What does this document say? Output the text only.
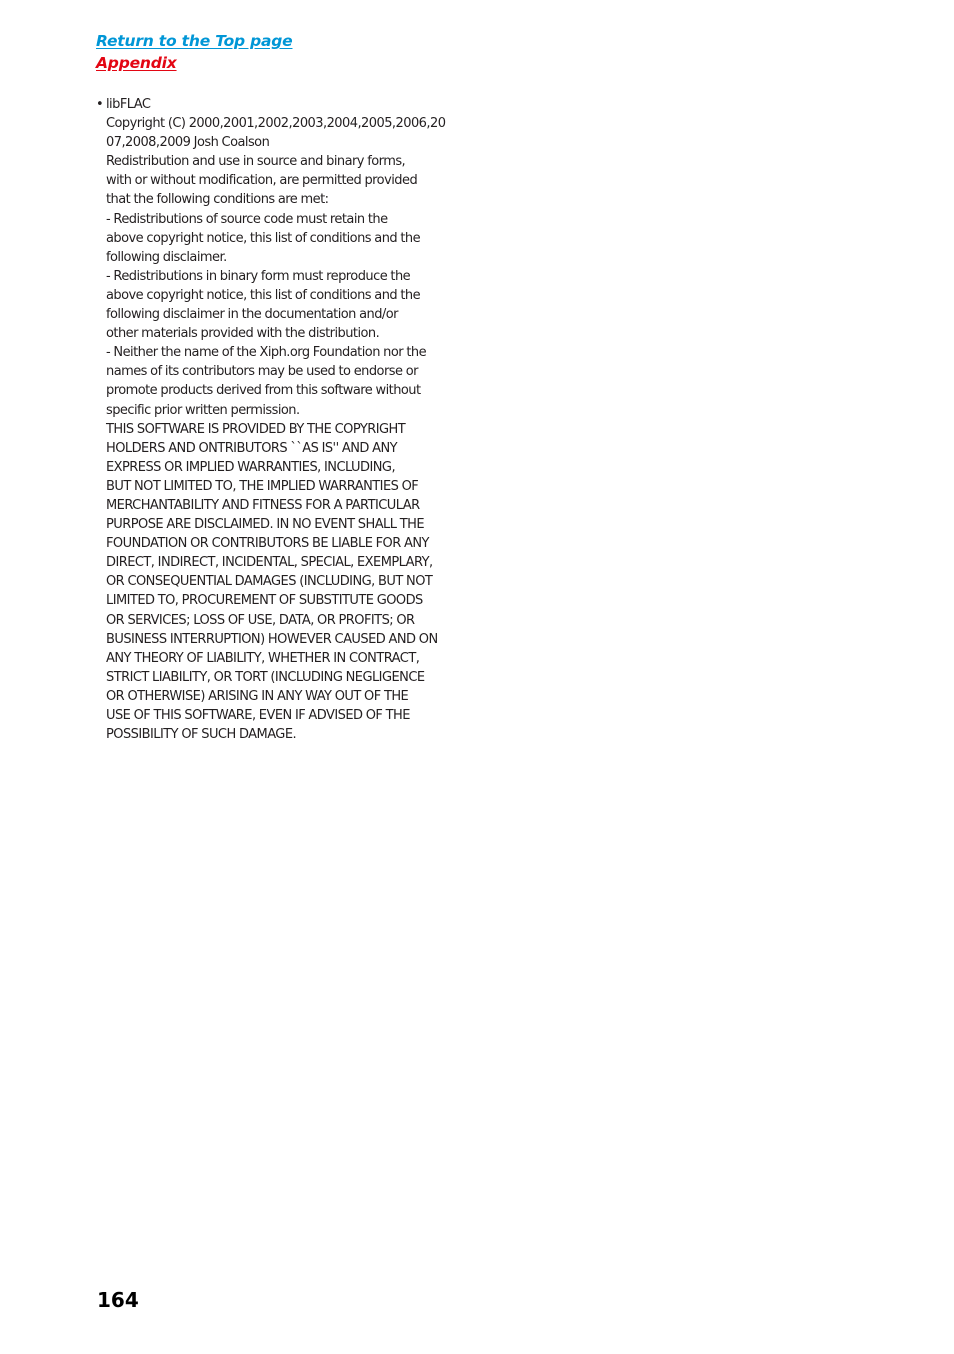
Return to the Top page
Appendix
• libFLAC
Copyright (C) 2000,2001,2002,2003,2004,2005,2006,20
07,2008,2009 Josh Coalson
Redistribution and use in source and binary forms,
with or without modification, are permitted provided
that the following conditions are met:
- Redistributions of source code must retain the
above copyright notice, this list of conditions and the
following disclaimer.
- Redistributions in binary form must reproduce the
above copyright notice, this list of conditions and the
following disclaimer in the documentation and/or
other materials provided with the distribution.
- Neither the name of the Xiph.org Foundation nor the
names of its contributors may be used to endorse or
promote products derived from this software without
specific prior written permission.
THIS SOFTWARE IS PROVIDED BY THE COPYRIGHT
HOLDERS AND ONTRIBUTORS ``AS IS'' AND ANY
EXPRESS OR IMPLIED WARRANTIES, INCLUDING,
BUT NOT LIMITED TO, THE IMPLIED WARRANTIES OF
MERCHANTABILITY AND FITNESS FOR A PARTICULAR
PURPOSE ARE DISCLAIMED. IN NO EVENT SHALL THE
FOUNDATION OR CONTRIBUTORS BE LIABLE FOR ANY
DIRECT, INDIRECT, INCIDENTAL, SPECIAL, EXEMPLARY,
OR CONSEQUENTIAL DAMAGES (INCLUDING, BUT NOT
LIMITED TO, PROCUREMENT OF SUBSTITUTE GOODS
OR SERVICES; LOSS OF USE, DATA, OR PROFITS; OR
BUSINESS INTERRUPTION) HOWEVER CAUSED AND ON
ANY THEORY OF LIABILITY, WHETHER IN CONTRACT,
STRICT LIABILITY, OR TORT (INCLUDING NEGLIGENCE
OR OTHERWISE) ARISING IN ANY WAY OUT OF THE
USE OF THIS SOFTWARE, EVEN IF ADVISED OF THE
POSSIBILITY OF SUCH DAMAGE.
164
